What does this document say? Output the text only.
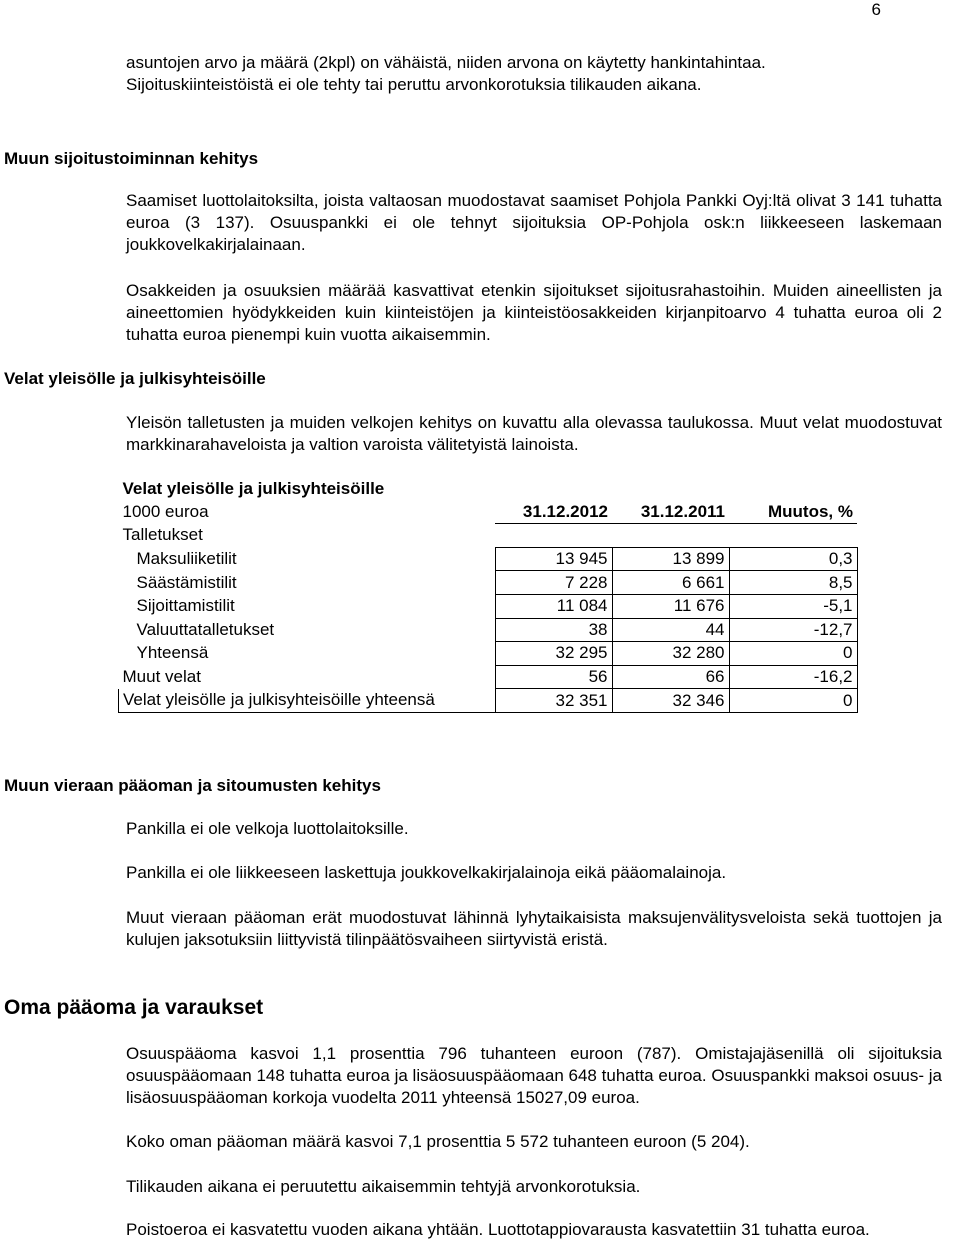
6

asuntojen arvo ja määrä (2kpl) on vähäistä, niiden arvona on käytetty hankintahintaa.

Sijoituskiinteistöistä ei ole tehty tai peruttu arvonkorotuksia tilikauden aikana.

Muun sijoitustoiminnan kehitys

Saamiset luottolaitoksilta, joista valtaosan muodostavat saamiset Pohjola Pankki Oyj:ltä olivat 3 141 tuhatta euroa (3 137). Osuuspankki ei ole tehnyt sijoituksia OP-Pohjola osk:n liikkeeseen laskemaan joukkovelkakirjalainaan.

Osakkeiden ja osuuksien määrää kasvattivat etenkin sijoitukset sijoitusrahastoihin. Muiden aineellisten ja aineettomien hyödykkeiden kuin kiinteistöjen ja kiinteistöosakkeiden kirjanpitoarvo 4 tuhatta euroa oli 2 tuhatta euroa pienempi kuin vuotta aikaisemmin.

Velat yleisölle ja julkisyhteisöille

Yleisön talletusten ja muiden velkojen kehitys on kuvattu alla olevassa taulukossa. Muut velat muodostuvat markkinarahaveloista ja valtion varoista välitetyistä lainoista.

Velat yleisölle ja julkisyhteisöille			
1000 euroa	31.12.2012	31.12.2011	Muutos, %
Talletukset			
Maksuliiketilit	13 945	13 899	0,3
Säästämistilit	7 228	6 661	8,5
Sijoittamistilit	11 084	11 676	-5,1
Valuuttatalletukset	38	44	-12,7
Yhteensä	32 295	32 280	0
Muut velat	56	66	-16,2
Velat yleisölle ja julkisyhteisöille yhteensä	32 351	32 346	0
Muun vieraan pääoman ja sitoumusten kehitys

Pankilla ei ole velkoja luottolaitoksille.

Pankilla ei ole liikkeeseen laskettuja joukkovelkakirjalainoja eikä pääomalainoja.

Muut vieraan pääoman erät muodostuvat lähinnä lyhytaikaisista maksujenvälitysveloista sekä tuottojen ja kulujen jaksotuksiin liittyvistä tilinpäätösvaiheen siirtyvistä eristä.

Oma pääoma ja varaukset

Osuuspääoma kasvoi 1,1 prosenttia 796 tuhanteen euroon (787). Omistajajäsenillä oli sijoituksia osuuspääomaan 148 tuhatta euroa ja lisäosuuspääomaan 648 tuhatta euroa. Osuuspankki maksoi osuus- ja lisäosuuspääoman korkoja vuodelta 2011 yhteensä 15027,09 euroa.

Koko oman pääoman määrä kasvoi 7,1 prosenttia 5 572 tuhanteen euroon (5 204).

Tilikauden aikana ei peruutettu aikaisemmin tehtyjä arvonkorotuksia.

Poistoeroa ei kasvatettu vuoden aikana yhtään. Luottotappiovarausta kasvatettiin 31 tuhatta euroa.
